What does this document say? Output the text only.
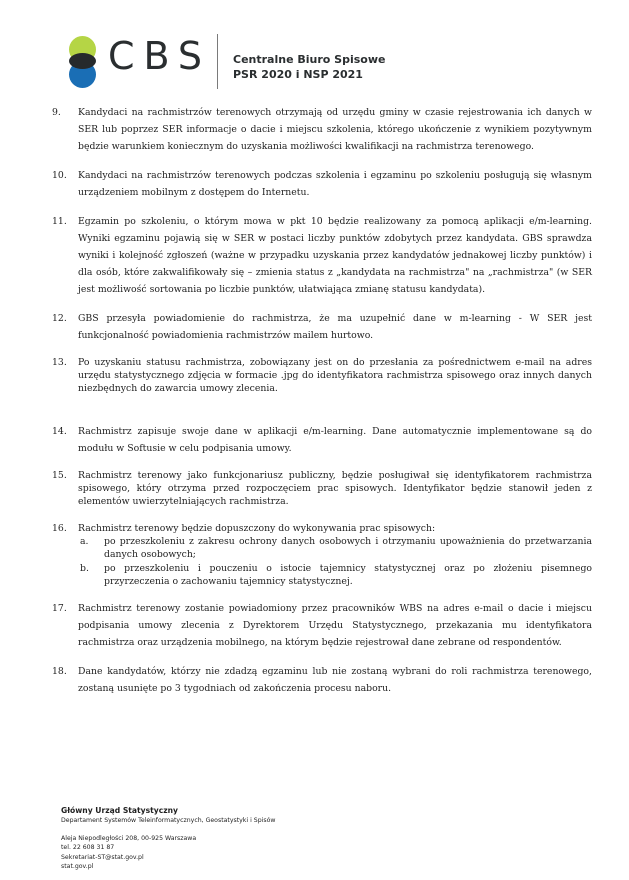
CBS Centralne Biuro Spisowe
PSR 2020 i NSP 2021
9. Kandydaci na rachmistrzów terenowych otrzymają od urzędu gminy w czasie rejestrowania ich danych w SER lub poprzez SER informacje o dacie i miejscu szkolenia, którego ukończenie z wynikiem pozytywnym będzie warunkiem koniecznym do uzyskania możliwości kwalifikacji na rachmistrza terenowego.
10. Kandydaci na rachmistrzów terenowych podczas szkolenia i egzaminu po szkoleniu posługują się własnym urządzeniem mobilnym z dostępem do Internetu.
11. Egzamin po szkoleniu, o którym mowa w pkt 10 będzie realizowany za pomocą aplikacji e/m-learning. Wyniki egzaminu pojawią się w SER w postaci liczby punktów zdobytych przez kandydata. GBS sprawdza wyniki i kolejność zgłoszeń (ważne w przypadku uzyskania przez kandydatów jednakowej liczby punktów) i dla osób, które zakwalifikowały się – zmienia status z „kandydata na rachmistrza" na „rachmistrza" (w SER jest możliwość sortowania po liczbie punktów, ułatwiająca zmianę statusu kandydata).
12. GBS przesyła powiadomienie do rachmistrza, że ma uzupełnić dane w m-learning - W SER jest funkcjonalność powiadomienia rachmistrzów mailem hurtowo.
13. Po uzyskaniu statusu rachmistrza, zobowiązany jest on do przesłania za pośrednictwem e-mail na adres urzędu statystycznego zdjęcia w formacie .jpg do identyfikatora rachmistrza spisowego oraz innych danych niezbędnych do zawarcia umowy zlecenia.
14. Rachmistrz zapisuje swoje dane w aplikacji e/m-learning. Dane automatycznie implementowane są do modułu w Softusie w celu podpisania umowy.
15. Rachmistrz terenowy jako funkcjonariusz publiczny, będzie posługiwał się identyfikatorem rachmistrza spisowego, który otrzyma przed rozpoczęciem prac spisowych. Identyfikator będzie stanowił jeden z elementów uwierzytelniających rachmistrza.
16. Rachmistrz terenowy będzie dopuszczony do wykonywania prac spisowych:
a. po przeszkoleniu z zakresu ochrony danych osobowych i otrzymaniu upoważnienia do przetwarzania danych osobowych;
b. po przeszkoleniu i pouczeniu o istocie tajemnicy statystycznej oraz po złożeniu pisemnego przyrzeczenia o zachowaniu tajemnicy statystycznej.
17. Rachmistrz terenowy zostanie powiadomiony przez pracowników WBS na adres e-mail o dacie i miejscu podpisania umowy zlecenia z Dyrektorem Urzędu Statystycznego, przekazania mu identyfikatora rachmistrza oraz urządzenia mobilnego, na którym będzie rejestrował dane zebrane od respondentów.
18. Dane kandydatów, którzy nie zdadzą egzaminu lub nie zostaną wybrani do roli rachmistrza terenowego, zostaną usunięte po 3 tygodniach od zakończenia procesu naboru.
Główny Urząd Statystyczny
Departament Systemów Teleinformatycznych, Geostatystyki i Spisów
Aleja Niepodległości 208, 00-925 Warszawa
tel. 22 608 31 87
Sekretariat-ST@stat.gov.pl
stat.gov.pl
